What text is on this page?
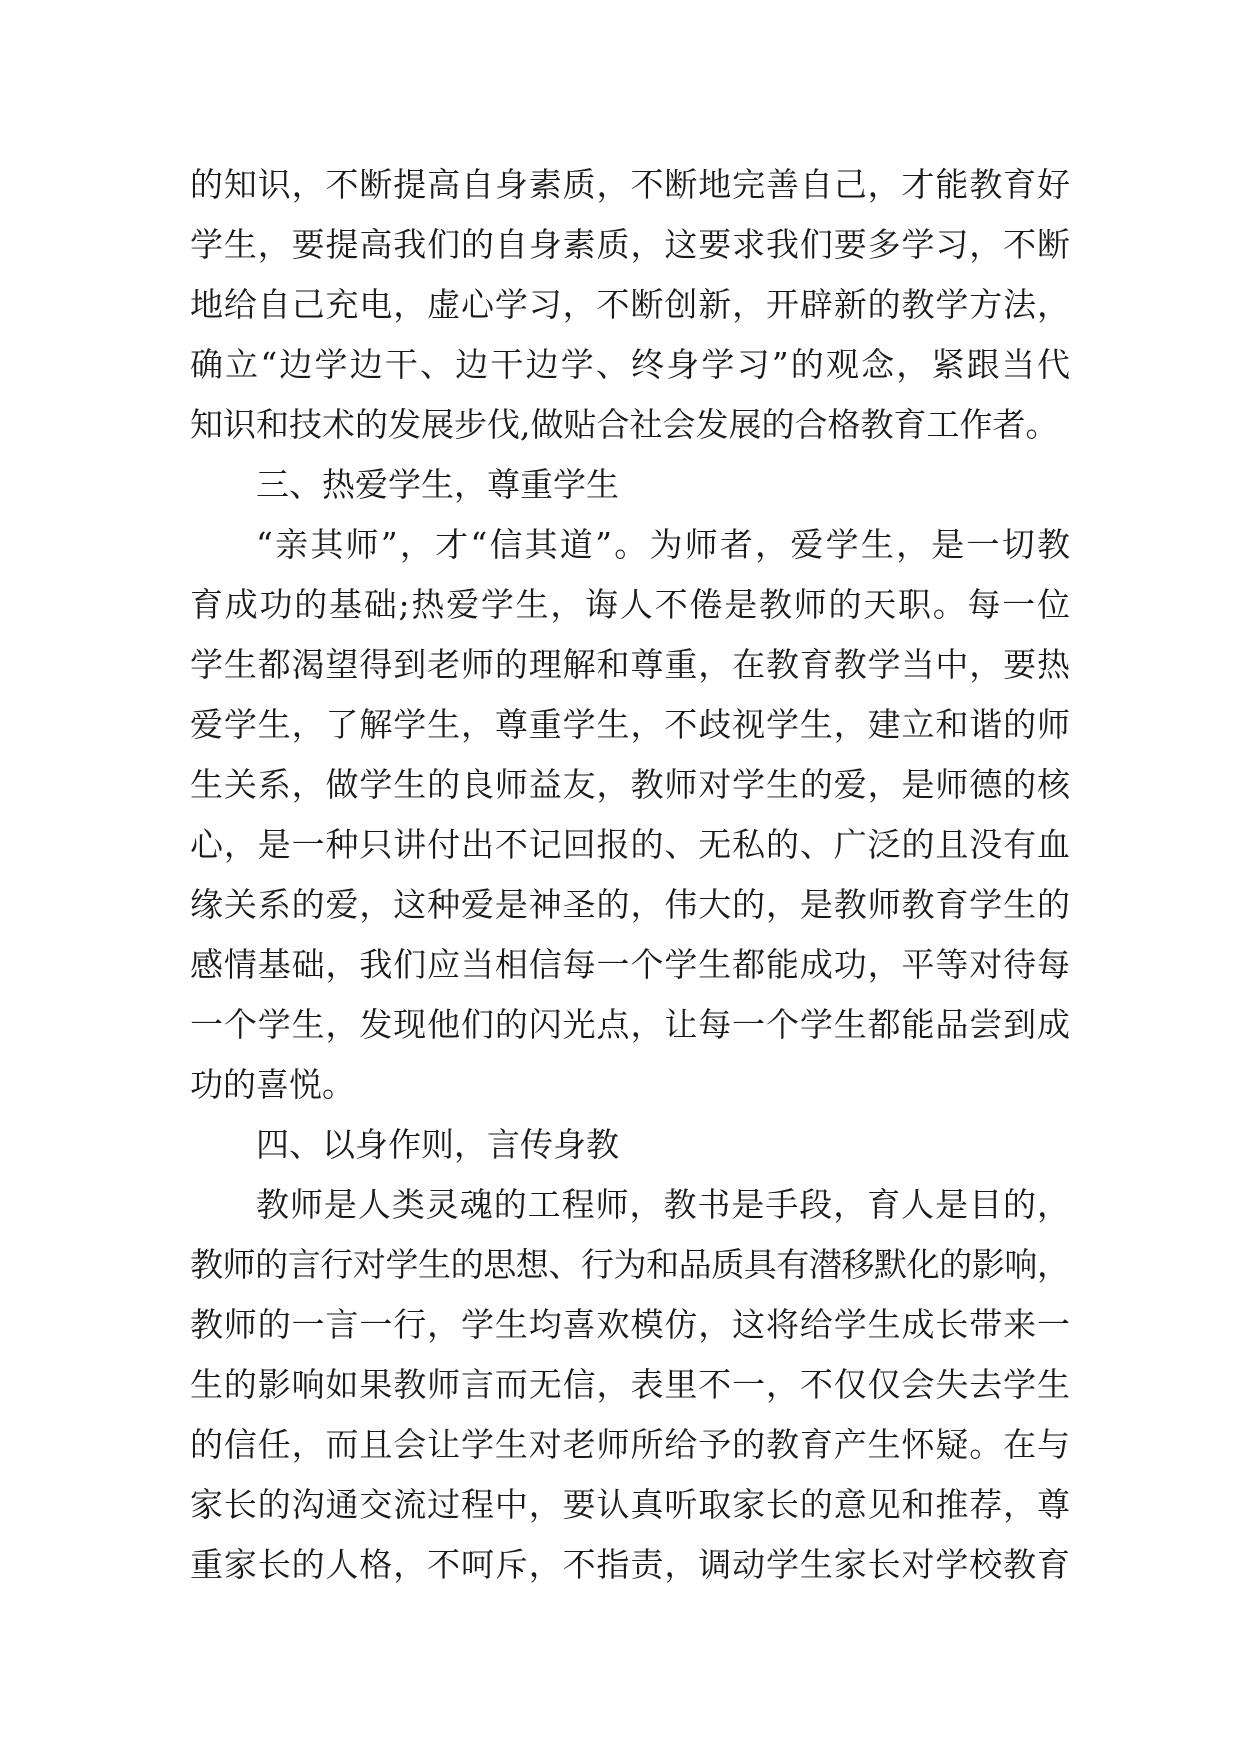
的知识，不断提高自身素质，不断地完善自己，才能教育好
学生，要提高我们的自身素质，这要求我们要多学习，不断
地给自己充电，虚心学习，不断创新，开辟新的教学方法，
确立“边学边干、边干边学、终身学习”的观念，紧跟当代
知识和技术的发展步伐,做贴合社会发展的合格教育工作者。
三、热爱学生，尊重学生
“亲其师”，才“信其道”。为师者，爱学生，是一切教
育成功的基础;热爱学生，诲人不倦是教师的天职。每一位
学生都渴望得到老师的理解和尊重，在教育教学当中，要热
爱学生，了解学生，尊重学生，不歧视学生，建立和谐的师
生关系，做学生的良师益友，教师对学生的爱，是师德的核
心，是一种只讲付出不记回报的、无私的、广泛的且没有血
缘关系的爱，这种爱是神圣的，伟大的，是教师教育学生的
感情基础，我们应当相信每一个学生都能成功，平等对待每
一个学生，发现他们的闪光点，让每一个学生都能品尝到成
功的喜悦。
四、以身作则，言传身教
教师是人类灵魂的工程师，教书是手段，育人是目的，
教师的言行对学生的思想、行为和品质具有潜移默化的影响，
教师的一言一行，学生均喜欢模仿，这将给学生成长带来一
生的影响如果教师言而无信，表里不一，不仅仅会失去学生
的信任，而且会让学生对老师所给予的教育产生怀疑。在与
家长的沟通交流过程中，要认真听取家长的意见和推荐，尊
重家长的人格，不呵斥，不指责，调动学生家长对学校教育
